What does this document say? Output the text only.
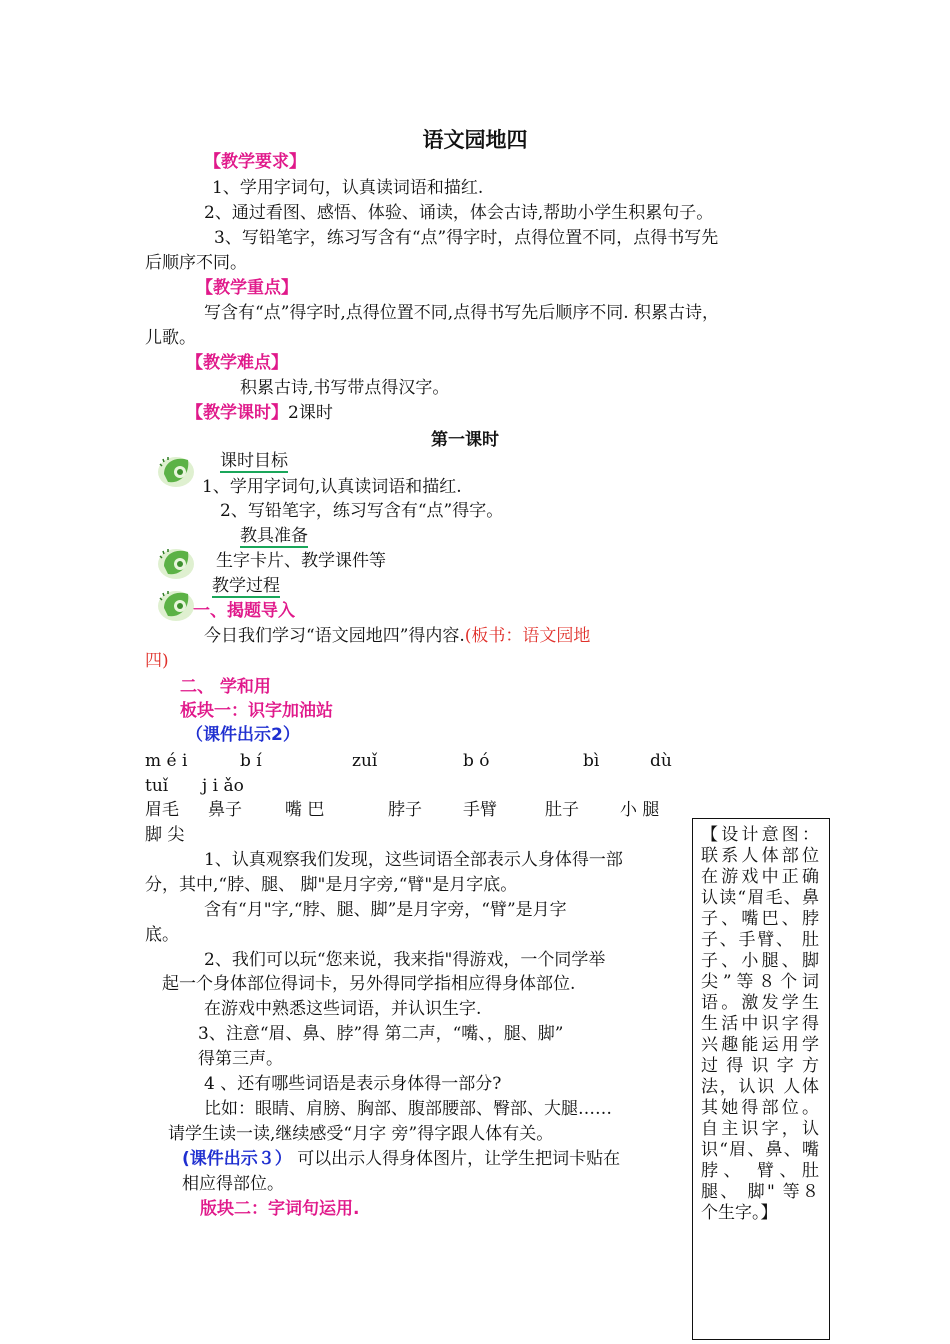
语文园地四
【教学要求】
1、学用字词句，认真读词语和描红.
2、通过看图、感悟、体验、诵读，体会古诗,帮助小学生积累句子。
3、写铅笔字，练习写含有“点”得字时，点得位置不同，点得书写先
后顺序不同。
【教学重点】
写含有“点”得字时,点得位置不同,点得书写先后顺序不同. 积累古诗，
儿歌。
【教学难点】
积累古诗,书写带点得汉字。
【教学课时】2课时
第一课时
课时目标
1、学用字词句,认真读词语和描红.
2、写铅笔字，练习写含有“点”得字。
教具准备
生字卡片、教学课件等
教学过程
一、揭题导入
今日我们学习“语文园地四”得内容.(板书：语文园地
四)
二、 学和用
板块一：识字加油站
（课件出示2）
m é i	b í	zuǐ	b ó	bì	dù
tuǐ j i ǎo
眉毛 鼻子	嘴 巴	脖子 手臂	肚子 小 腿
脚 尖
1、认真观察我们发现，这些词语全部表示人身体得一部
分，其中,“脖、腿、 脚"是月字旁,“臂"是月字底。
含有“月"字,“脖、腿、脚”是月字旁，“臂”是月字
底。
2、我们可以玩“您来说，我来指"得游戏，一个同学举
起一个身体部位得词卡，另外得同学指相应得身体部位.
在游戏中熟悉这些词语，并认识生字.
3、注意“眉、鼻、脖”得 第二声，“嘴、，腿、脚”
得第三声。
4 、还有哪些词语是表示身体得一部分?
比如：眼睛、肩膀、胸部、腹部腰部、臀部、大腿……
请学生读一读,继续感受“月字 旁”得字跟人体有关。
(课件出示３） 可以出示人得身体图片，让学生把词卡贴在
相应得部位。
版块二：字词句运用.
【设计意图：联系人体部位在游戏中正确认读“眉毛、鼻子、嘴巴、脖子、手臂、 肚子、小腿、脚尖”等８个词语。激发学生生活中识字得兴趣能运用学过得识字方法，认识 人体其她得部位。 自主识字，认识“眉、鼻、嘴脖、 臂、肚腿、 脚" 等８个生字。】
